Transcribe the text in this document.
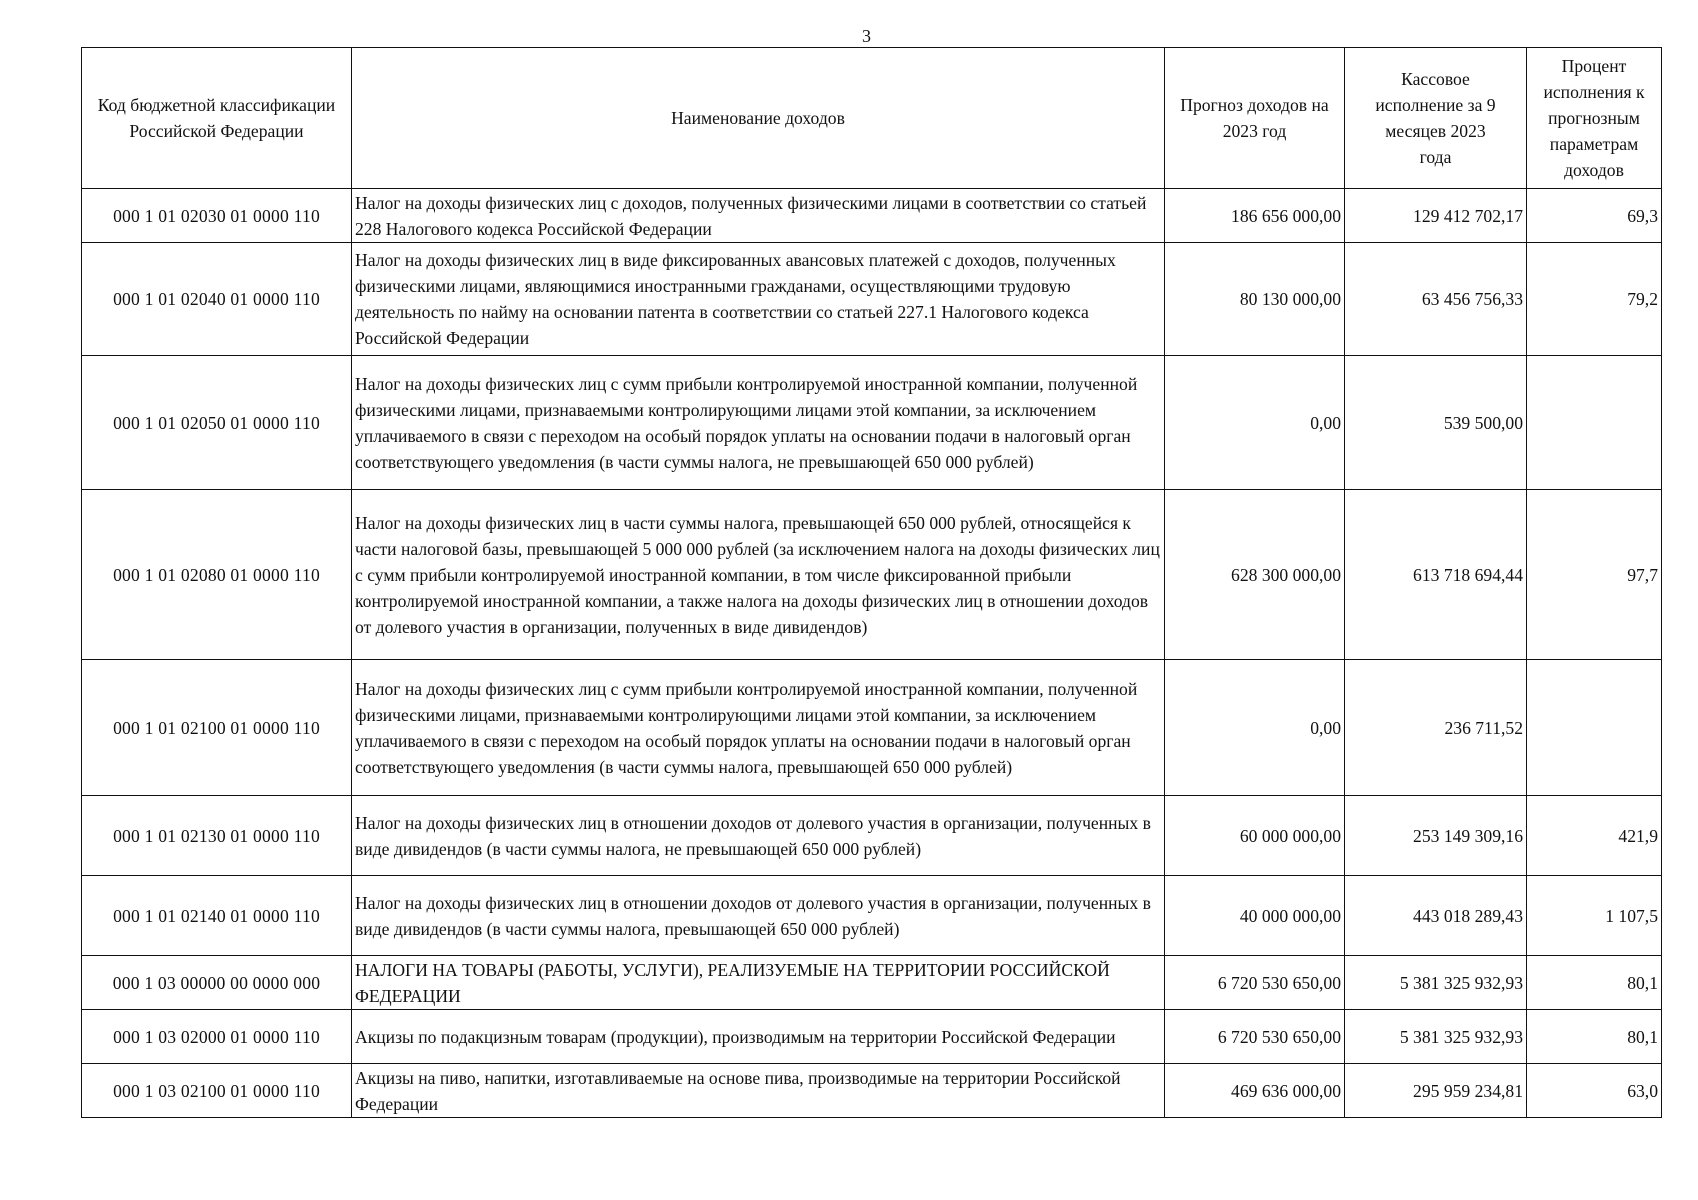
3
Код бюджетной классификации Российской Федерации	Наименование доходов	Прогноз доходов на 2023 год	Кассовое исполнение за 9 месяцев 2023 года	Процент исполнения к прогнозным параметрам доходов
000 1 01 02030 01 0000 110	Налог на доходы физических лиц с доходов, полученных физическими лицами в соответствии со статьей 228 Налогового кодекса Российской Федерации	186 656 000,00	129 412 702,17	69,3
000 1 01 02040 01 0000 110	Налог на доходы физических лиц в виде фиксированных авансовых платежей с доходов, полученных физическими лицами, являющимися иностранными гражданами, осуществляющими трудовую деятельность по найму на основании патента в соответствии со статьей 227.1 Налогового кодекса Российской Федерации	80 130 000,00	63 456 756,33	79,2
000 1 01 02050 01 0000 110	Налог на доходы физических лиц с сумм прибыли контролируемой иностранной компании, полученной физическими лицами, признаваемыми контролирующими лицами этой компании, за исключением уплачиваемого в связи с переходом на особый порядок уплаты на основании подачи в налоговый орган соответствующего уведомления (в части суммы налога, не превышающей 650 000 рублей)	0,00	539 500,00	
000 1 01 02080 01 0000 110	Налог на доходы физических лиц в части суммы налога, превышающей 650 000 рублей, относящейся к части налоговой базы, превышающей 5 000 000 рублей (за исключением налога на доходы физических лиц с сумм прибыли контролируемой иностранной компании, в том числе фиксированной прибыли контролируемой иностранной компании, а также налога на доходы физических лиц в отношении доходов от долевого участия в организации, полученных в виде дивидендов)	628 300 000,00	613 718 694,44	97,7
000 1 01 02100 01 0000 110	Налог на доходы физических лиц с сумм прибыли контролируемой иностранной компании, полученной физическими лицами, признаваемыми контролирующими лицами этой компании, за исключением уплачиваемого в связи с переходом на особый порядок уплаты на основании подачи в налоговый орган соответствующего уведомления (в части суммы налога, превышающей 650 000 рублей)	0,00	236 711,52	
000 1 01 02130 01 0000 110	Налог на доходы физических лиц в отношении доходов от долевого участия в организации, полученных в виде дивидендов (в части суммы налога, не превышающей 650 000 рублей)	60 000 000,00	253 149 309,16	421,9
000 1 01 02140 01 0000 110	Налог на доходы физических лиц в отношении доходов от долевого участия в организации, полученных в виде дивидендов (в части суммы налога, превышающей 650 000 рублей)	40 000 000,00	443 018 289,43	1 107,5
000 1 03 00000 00 0000 000	НАЛОГИ НА ТОВАРЫ (РАБОТЫ, УСЛУГИ), РЕАЛИЗУЕМЫЕ НА ТЕРРИТОРИИ РОССИЙСКОЙ ФЕДЕРАЦИИ	6 720 530 650,00	5 381 325 932,93	80,1
000 1 03 02000 01 0000 110	Акцизы по подакцизным товарам (продукции), производимым на территории Российской Федерации	6 720 530 650,00	5 381 325 932,93	80,1
000 1 03 02100 01 0000 110	Акцизы на пиво, напитки, изготавливаемые на основе пива, производимые на территории Российской Федерации	469 636 000,00	295 959 234,81	63,0
